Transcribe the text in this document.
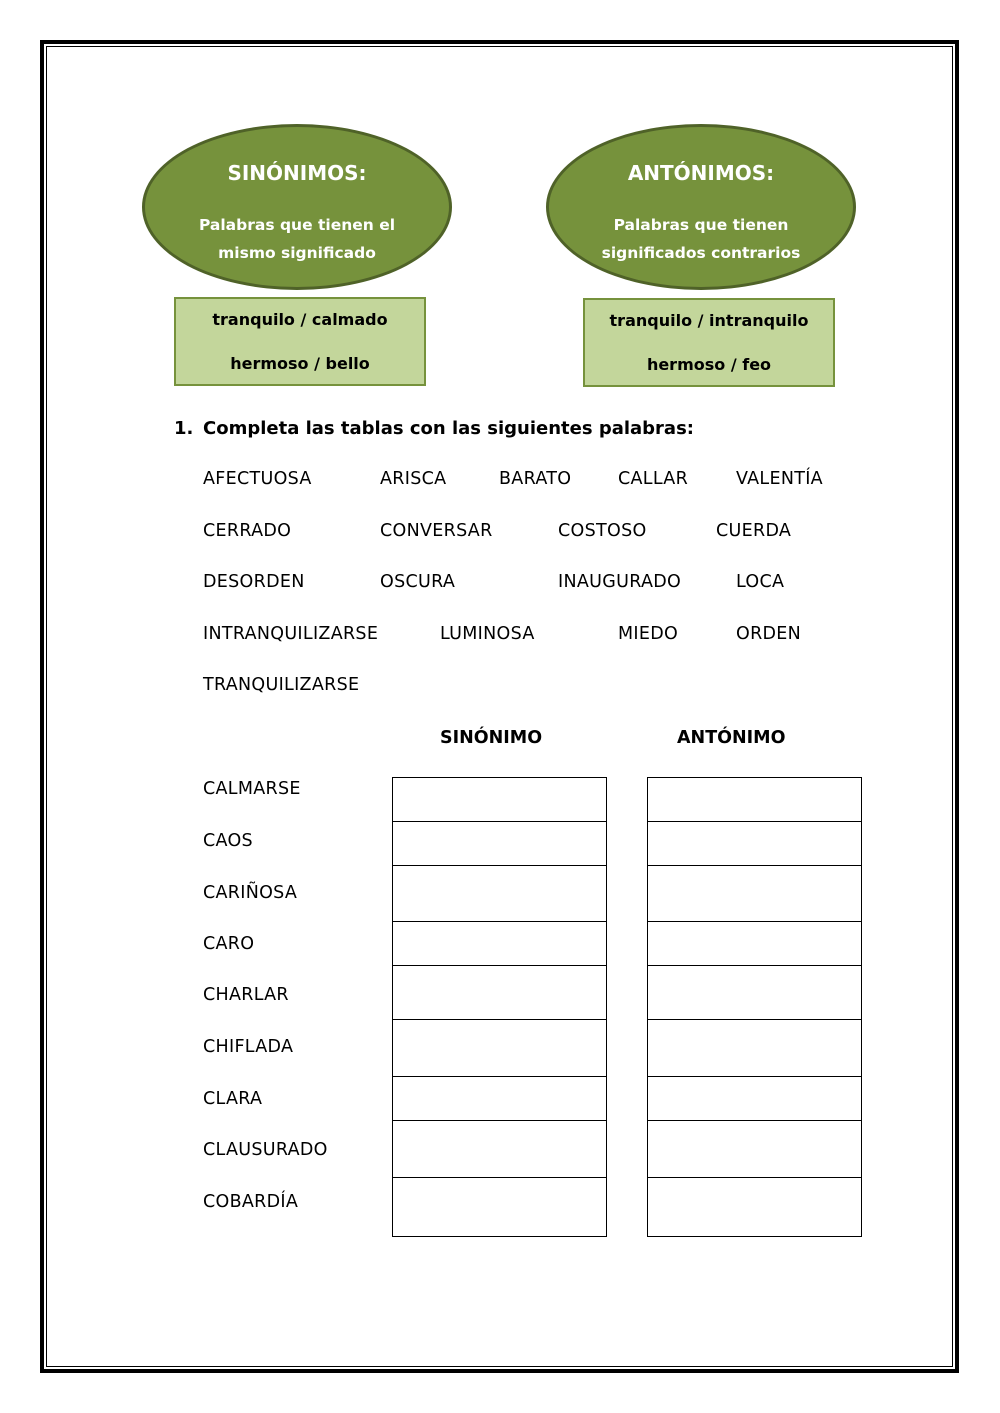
SINÓNIMOS:
Palabras que tienen el mismo significado
ANTÓNIMOS:
Palabras que tienen significados contrarios
tranquilo / calmado
hermoso / bello
tranquilo / intranquilo
hermoso / feo
1. Completa las tablas con las siguientes palabras:
AFECTUOSA	ARISCA	BARATO	CALLAR	VALENTÍA
CERRADO	CONVERSAR	COSTOSO	CUERDA
DESORDEN	OSCURA	INAUGURADO	LOCA
INTRANQUILIZARSE	LUMINOSA	MIEDO	ORDEN
TRANQUILIZARSE
SINÓNIMO	ANTÓNIMO
CALMARSE
CAOS
CARIÑOSA
CARO
CHARLAR
CHIFLADA
CLARA
CLAUSURADO
COBARDÍA
